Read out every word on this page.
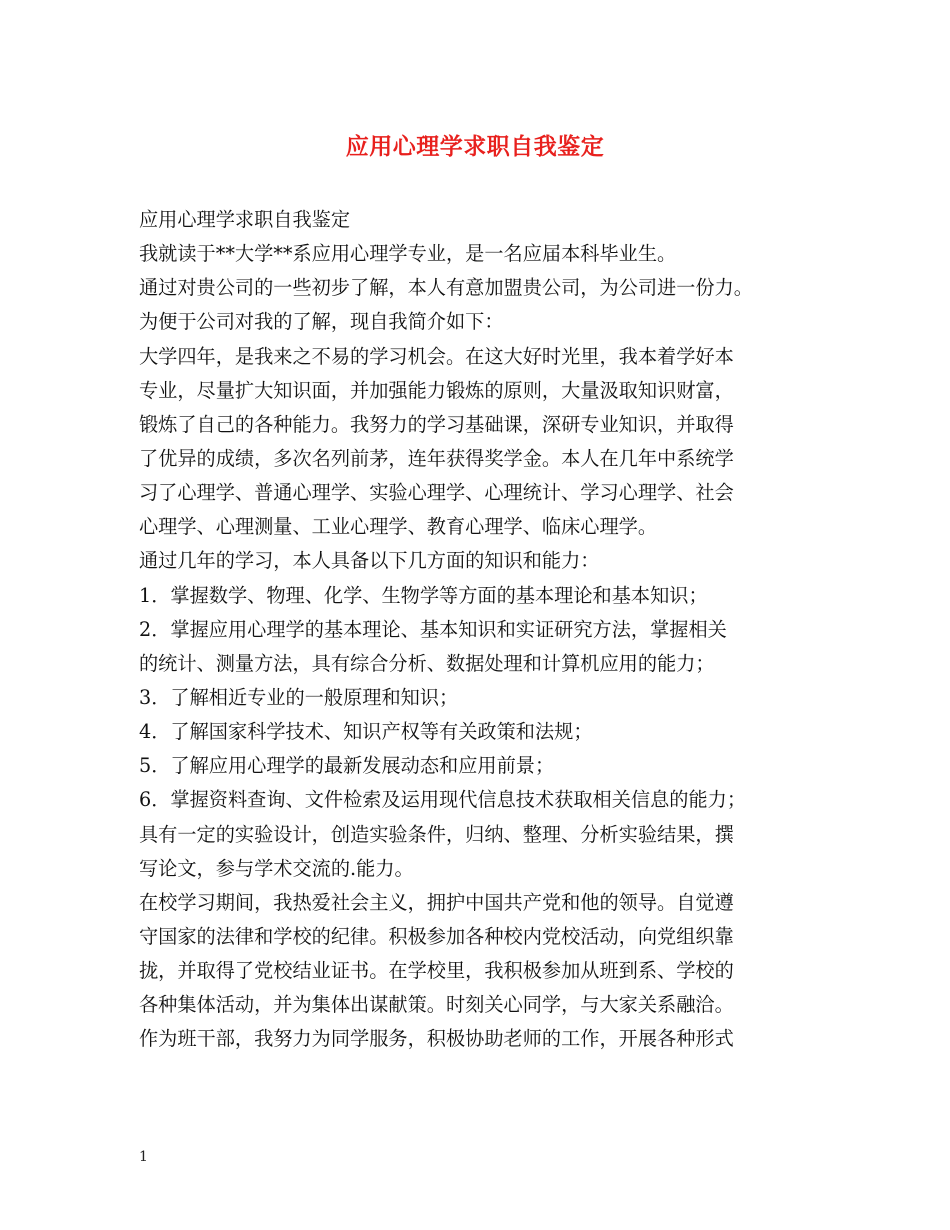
应用心理学求职自我鉴定
应用心理学求职自我鉴定
我就读于**大学**系应用心理学专业，是一名应届本科毕业生。
通过对贵公司的一些初步了解，本人有意加盟贵公司，为公司进一份力。
为便于公司对我的了解，现自我简介如下：
大学四年，是我来之不易的学习机会。在这大好时光里，我本着学好本
专业，尽量扩大知识面，并加强能力锻炼的原则，大量汲取知识财富，
锻炼了自己的各种能力。我努力的学习基础课，深研专业知识，并取得
了优异的成绩，多次名列前茅，连年获得奖学金。本人在几年中系统学
习了心理学、普通心理学、实验心理学、心理统计、学习心理学、社会
心理学、心理测量、工业心理学、教育心理学、临床心理学。
通过几年的学习，本人具备以下几方面的知识和能力：
1．掌握数学、物理、化学、生物学等方面的基本理论和基本知识；
2．掌握应用心理学的基本理论、基本知识和实证研究方法，掌握相关
的统计、测量方法，具有综合分析、数据处理和计算机应用的能力；
3．了解相近专业的一般原理和知识；
4．了解国家科学技术、知识产权等有关政策和法规；
5．了解应用心理学的最新发展动态和应用前景；
6．掌握资料查询、文件检索及运用现代信息技术获取相关信息的能力；
具有一定的实验设计，创造实验条件，归纳、整理、分析实验结果，撰
写论文，参与学术交流的.能力。
在校学习期间，我热爱社会主义，拥护中国共产党和他的领导。自觉遵
守国家的法律和学校的纪律。积极参加各种校内党校活动，向党组织靠
拢，并取得了党校结业证书。在学校里，我积极参加从班到系、学校的
各种集体活动，并为集体出谋献策。时刻关心同学，与大家关系融洽。
作为班干部，我努力为同学服务，积极协助老师的工作，开展各种形式
1
